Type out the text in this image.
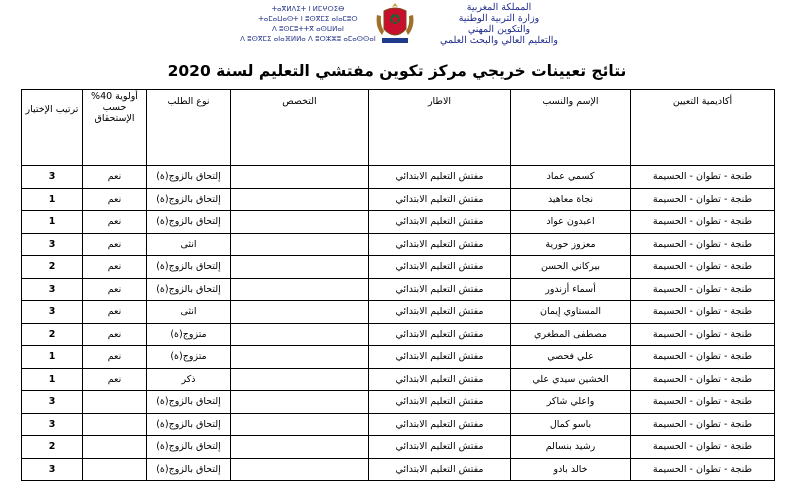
ⵜⴰⴳⵍⴷⵉⵜ ⵏ ⵍⵎⵖⵔⵉⴱ
ⵜⴰⵎⴰⵡⴰⵙⵜ ⵏ ⵓⵙⴳⵎⵉ ⴰⵏⴰⵎⵓⵔ
ⴷ ⵓⵙⵎⵓⵜⵜⴳ ⴰⵙⵡⵍⴰⵏ
ⴷ ⵓⵙⴳⵎⵉ ⴰⵏⴰⴼⵍⵍⴰ ⴷ ⵓⵔⵣⵣⵓ ⴰⵎⴰⵙⵙⴰⵏ
المملكة المغربية
وزارة التربية الوطنية
والتكوين المهني
والتعليم العالي والبحث العلمي
نتائج تعيينات خريجي مركز تكوين مفتشي التعليم لسنة 2020
أكاديمية التعيين	الإسم والنسب	الاطار	التخصص	نوع الطلب	أولوية 40% حسب الإستحقاق	ترتيب الإختيار
طنجة - تطوان - الحسيمة	كسمي عماد	مفتش التعليم الابتدائي		إلتحاق بالزوج(ة)	نعم	3
طنجة - تطوان - الحسيمة	نجاة معاهيد	مفتش التعليم الابتدائي		إلتحاق بالزوج(ة)	نعم	1
طنجة - تطوان - الحسيمة	اعبدون عواد	مفتش التعليم الابتدائي		إلتحاق بالزوج(ة)	نعم	1
طنجة - تطوان - الحسيمة	معزوز حورية	مفتش التعليم الابتدائي		انثى	نعم	3
طنجة - تطوان - الحسيمة	بيركاني الحسن	مفتش التعليم الابتدائي		إلتحاق بالزوج(ة)	نعم	2
طنجة - تطوان - الحسيمة	أسماء أزندور	مفتش التعليم الابتدائي		إلتحاق بالزوج(ة)	نعم	3
طنجة - تطوان - الحسيمة	المستاوي إيمان	مفتش التعليم الابتدائي		انثى	نعم	3
طنجة - تطوان - الحسيمة	مصطفى المطغري	مفتش التعليم الابتدائي		متزوج(ة)	نعم	2
طنجة - تطوان - الحسيمة	علي فحصي	مفتش التعليم الابتدائي		متزوج(ة)	نعم	1
طنجة - تطوان - الحسيمة	الخشين سيدي علي	مفتش التعليم الابتدائي		ذكر	نعم	1
طنجة - تطوان - الحسيمة	واعلي شاكر	مفتش التعليم الابتدائي		إلتحاق بالزوج(ة)		3
طنجة - تطوان - الحسيمة	باسو كمال	مفتش التعليم الابتدائي		إلتحاق بالزوج(ة)		3
طنجة - تطوان - الحسيمة	رشيد بنسالم	مفتش التعليم الابتدائي		إلتحاق بالزوج(ة)		2
طنجة - تطوان - الحسيمة	خالد بادو	مفتش التعليم الابتدائي		إلتحاق بالزوج(ة)		3
